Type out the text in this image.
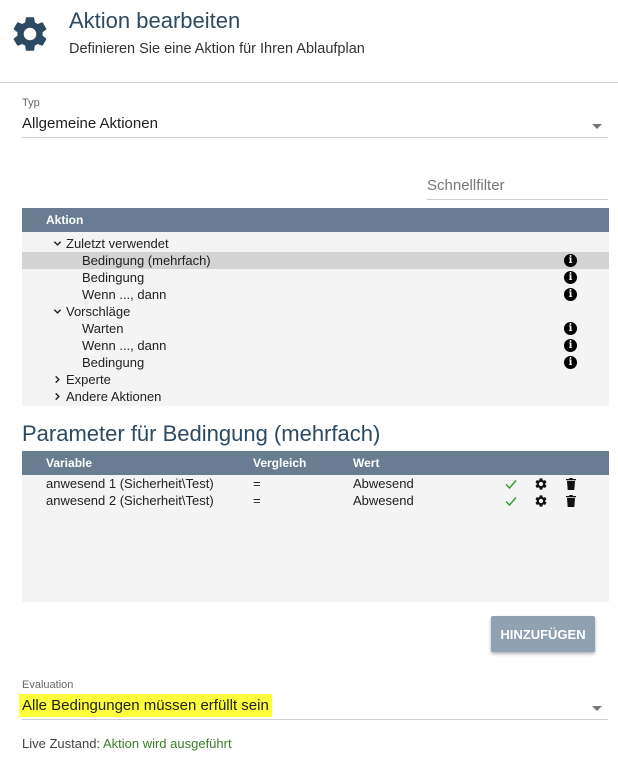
Aktion bearbeiten
Definieren Sie eine Aktion für Ihren Ablaufplan
Typ
Allgemeine Aktionen
Schnellfilter
Aktion
Zuletzt verwendet
Bedingung (mehrfach)
i
Bedingung
i
Wenn ..., dann
i
Vorschläge
Warten
i
Wenn ..., dann
i
Bedingung
i
Experte
Andere Aktionen
Parameter für Bedingung (mehrfach)
Variable	Vergleich	Wert
anwesend 1 (Sicherheit\Test)	=	Abwesend
anwesend 2 (Sicherheit\Test)	=	Abwesend
HINZUFÜGEN
Evaluation
Alle Bedingungen müssen erfüllt sein
Live Zustand: Aktion wird ausgeführt
